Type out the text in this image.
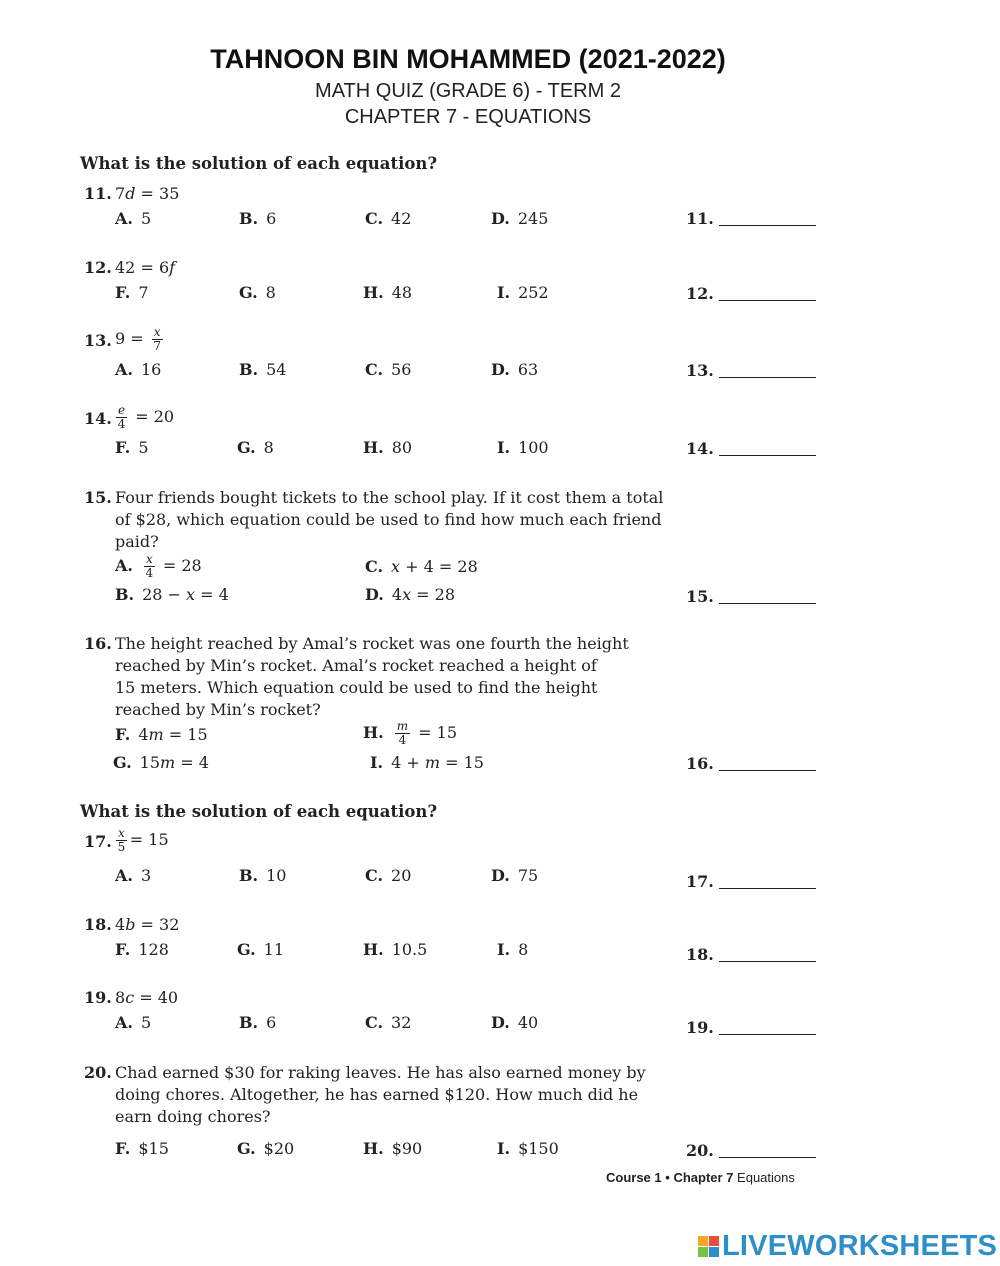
TAHNOON BIN MOHAMMED (2021-2022)
MATH QUIZ (GRADE 6) - TERM 2
CHAPTER 7 - EQUATIONS
What is the solution of each equation?
11. 7d = 35
A. 5	B. 6	C. 42	D. 245	11.
12. 42 = 6f
F. 7	G. 8	H. 48	I. 252	12.
13. $9 = \frac{x}{7}$
A. 16	B. 54	C. 56	D. 63	13.
14. $\frac{e}{4} = 20$
F. 5	G. 8	H. 80	I. 100	14.
15. Four friends bought tickets to the school play. If it cost them a total
of $28, which equation could be used to find how much each friend
paid?
A. $\frac{x}{4} = 28$	C. x + 4 = 28
B. 28 − x = 4	D. 4x = 28	15.
16. The height reached by Amal’s rocket was one fourth the height
reached by Min’s rocket. Amal’s rocket reached a height of
15 meters. Which equation could be used to find the height
reached by Min’s rocket?
F. 4m = 15	H. $\frac{m}{4} = 15$
G. 15m = 4	I. 4 + m = 15	16.
What is the solution of each equation?
17. $\frac{x}{5} = 15$
A. 3	B. 10	C. 20	D. 75	17.
18. 4b = 32
F. 128	G. 11	H. 10.5	I. 8	18.
19. 8c = 40
A. 5	B. 6	C. 32	D. 40	19.
20. Chad earned $30 for raking leaves. He has also earned money by
doing chores. Altogether, he has earned $120. How much did he
earn doing chores?
F. $15	G. $20	H. $90	I. $150	20.
Course 1 • Chapter 7 Equations
LIVEWORKSHEETS
